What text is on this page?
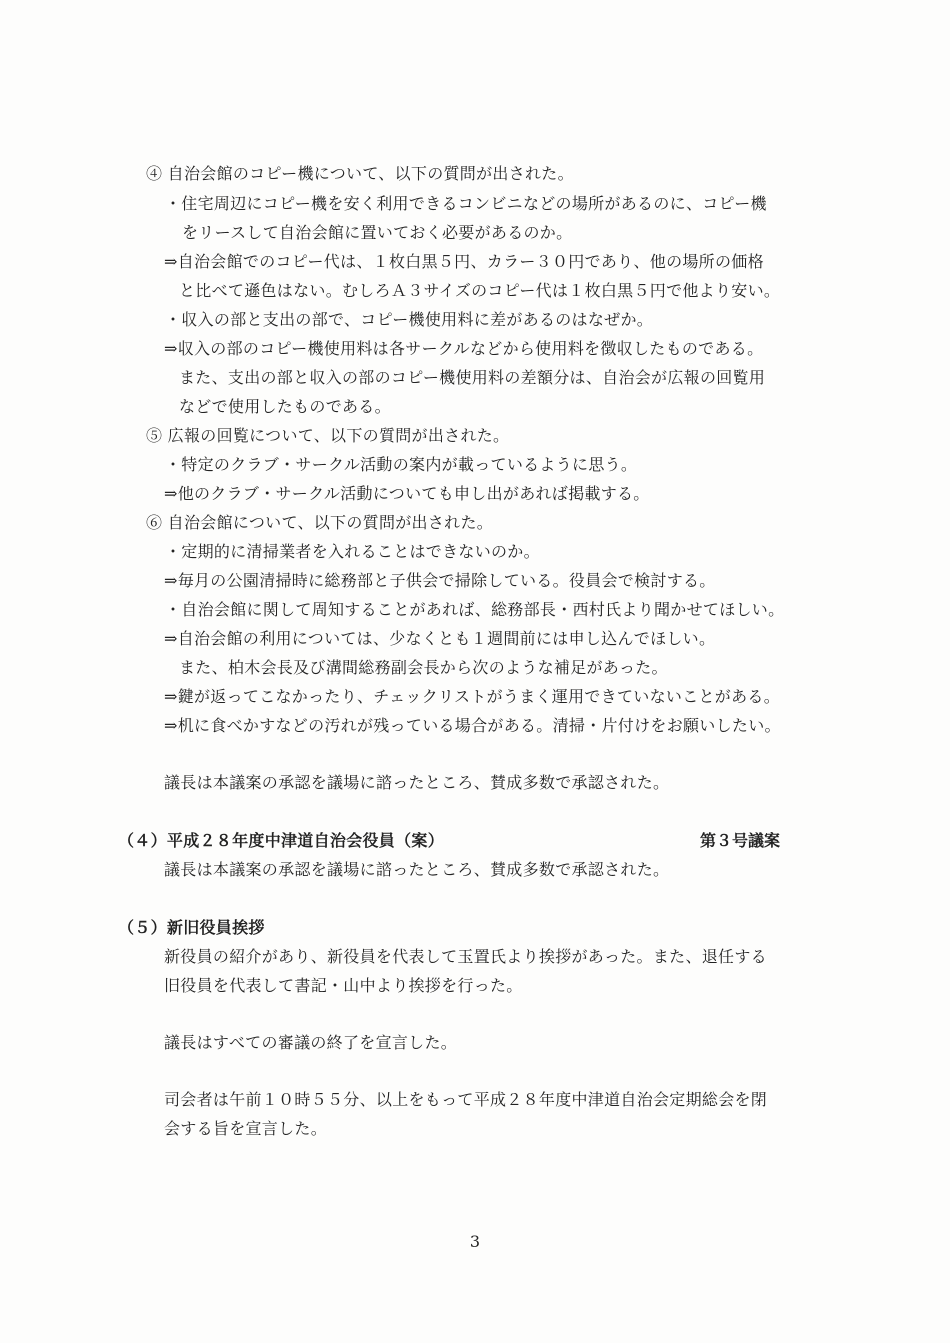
④ 自治会館のコピー機について、以下の質問が出された。
・住宅周辺にコピー機を安く利用できるコンビニなどの場所があるのに、コピー機
をリースして自治会館に置いておく必要があるのか。
⇒自治会館でのコピー代は、１枚白黒５円、カラー３０円であり、他の場所の価格
と比べて遜色はない。むしろＡ３サイズのコピー代は１枚白黒５円で他より安い。
・収入の部と支出の部で、コピー機使用料に差があるのはなぜか。
⇒収入の部のコピー機使用料は各サークルなどから使用料を徴収したものである。
また、支出の部と収入の部のコピー機使用料の差額分は、自治会が広報の回覧用
などで使用したものである。
⑤ 広報の回覧について、以下の質問が出された。
・特定のクラブ・サークル活動の案内が載っているように思う。
⇒他のクラブ・サークル活動についても申し出があれば掲載する。
⑥ 自治会館について、以下の質問が出された。
・定期的に清掃業者を入れることはできないのか。
⇒毎月の公園清掃時に総務部と子供会で掃除している。役員会で検討する。
・自治会館に関して周知することがあれば、総務部長・西村氏より聞かせてほしい。
⇒自治会館の利用については、少なくとも１週間前には申し込んでほしい。
また、柏木会長及び溝間総務副会長から次のような補足があった。
⇒鍵が返ってこなかったり、チェックリストがうまく運用できていないことがある。
⇒机に食べかすなどの汚れが残っている場合がある。清掃・片付けをお願いしたい。
議長は本議案の承認を議場に諮ったところ、賛成多数で承認された。
（４）平成２８年度中津道自治会役員（案）	第３号議案
議長は本議案の承認を議場に諮ったところ、賛成多数で承認された。
（５）新旧役員挨拶
新役員の紹介があり、新役員を代表して玉置氏より挨拶があった。また、退任する
旧役員を代表して書記・山中より挨拶を行った。
議長はすべての審議の終了を宣言した。
司会者は午前１０時５５分、以上をもって平成２８年度中津道自治会定期総会を閉
会する旨を宣言した。
3
